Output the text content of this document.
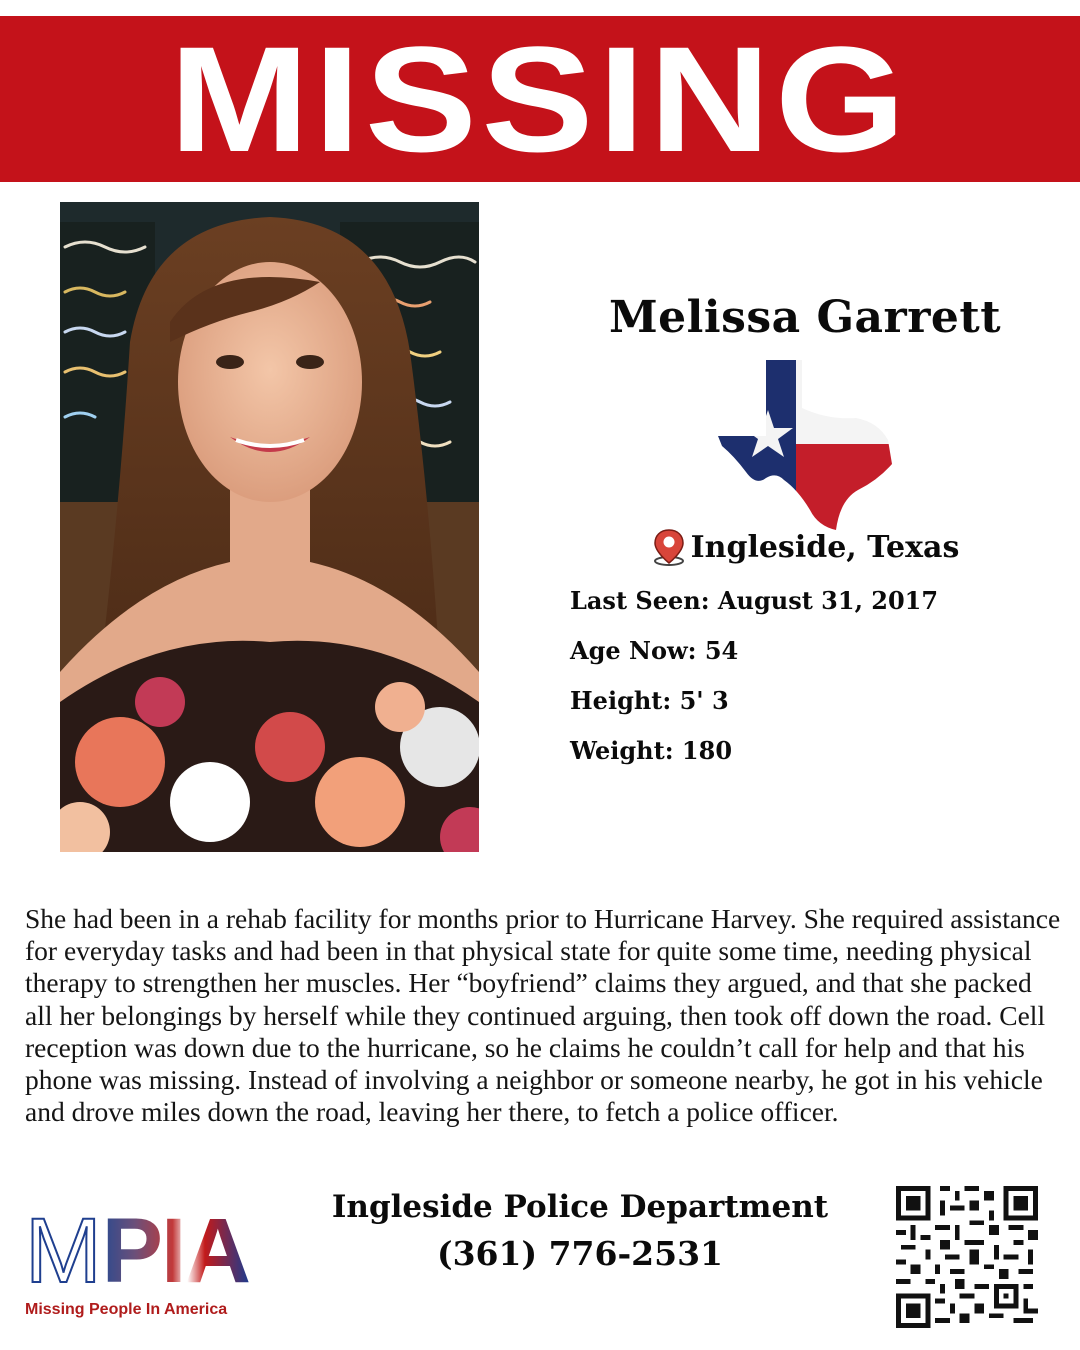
MISSING
Melissa Garrett
Ingleside, Texas
Last Seen: August 31, 2017
Age Now: 54
Height: 5' 3
Weight: 180

She had been in a rehab facility for months prior to Hurricane Harvey. She required assistance for everyday tasks and had been in that physical state for quite some time, needing physical therapy to strengthen her muscles. Her “boyfriend” claims they argued, and that she packed all her belongings by herself while they continued arguing, then took off down the road. Cell reception was down due to the hurricane, so he claims he couldn’t call for help and that his phone was missing. Instead of involving a neighbor or someone nearby, he got in his vehicle and drove miles down the road, leaving her there, to fetch a police officer.

M PIA
Missing People In America
Ingleside Police Department
(361) 776-2531
